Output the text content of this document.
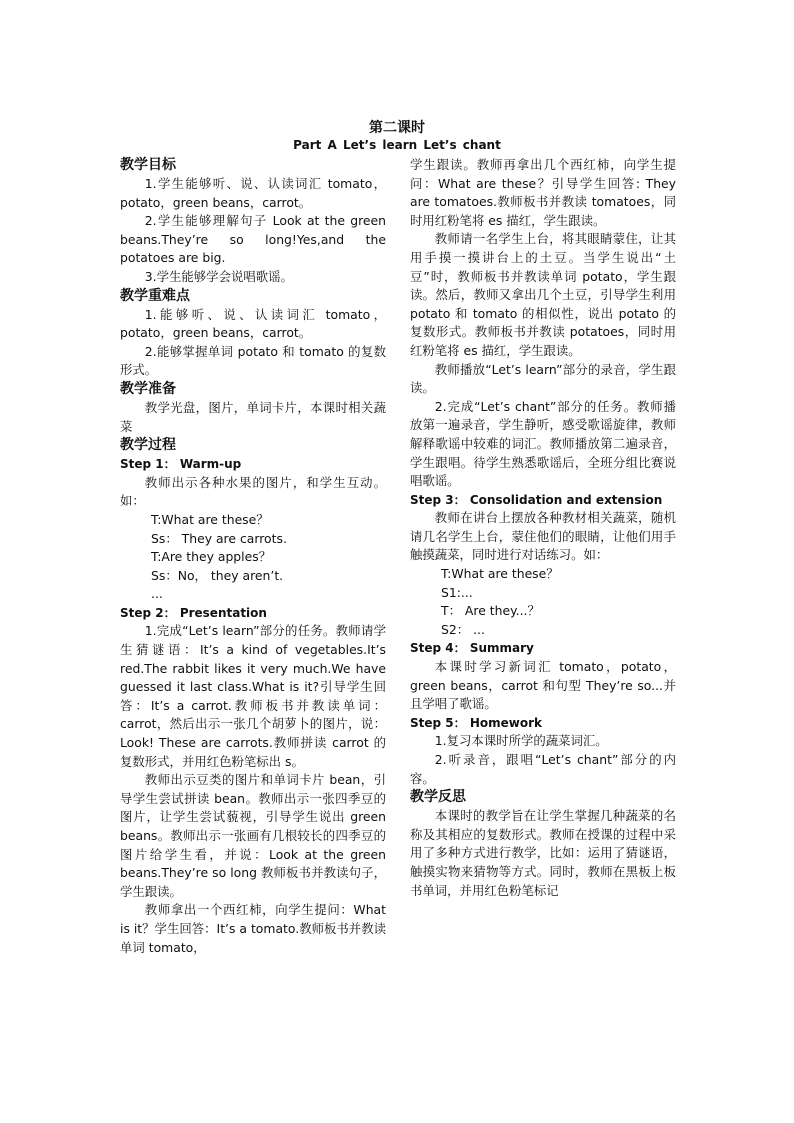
第二课时
Part A Let’s learn Let’s chant

教学目标

1.学生能够听、说、认读词汇 tomato，potato，green beans，carrot。

2.学生能够理解句子 Look at the green beans.They’re so long!Yes,and the potatoes are big.

3.学生能够学会说唱歌谣。

教学重难点

1.能够听、说、认读词汇 tomato，potato，green beans，carrot。

2.能够掌握单词 potato 和 tomato 的复数形式。

教学准备

教学光盘，图片，单词卡片，本课时相关蔬菜

教学过程

Step 1： Warm-up

教师出示各种水果的图片，和学生互动。如：

T:What are these？

Ss： They are carrots.

T:Are they apples？

Ss：No， they aren’t.

...

Step 2： Presentation

1.完成“Let’s learn”部分的任务。教师请学生猜谜语：It’s a kind of vegetables.It’s red.The rabbit likes it very much.We have guessed it last class.What is it?引导学生回答：It’s a carrot.教师板书并教读单词：carrot，然后出示一张几个胡萝卜的图片，说：Look! These are carrots.教师拼读 carrot 的复数形式，并用红色粉笔标出 s。

教师出示豆类的图片和单词卡片 bean，引导学生尝试拼读 bean。教师出示一张四季豆的图片，让学生尝试藐视，引导学生说出 green beans。教师出示一张画有几根较长的四季豆的图片给学生看，并说：Look at the green beans.They’re so long 教师板书并教读句子，学生跟读。

教师拿出一个西红柿，向学生提问：What is it？学生回答：It’s a tomato.教师板书并教读单词 tomato，

学生跟读。教师再拿出几个西红柿，向学生提问：What are these？引导学生回答: They are tomatoes.教师板书并教读 tomatoes，同时用红粉笔将 es 描红，学生跟读。

教师请一名学生上台，将其眼睛蒙住，让其用手摸一摸讲台上的土豆。当学生说出“土豆”时，教师板书并教读单词 potato，学生跟读。然后，教师又拿出几个土豆，引导学生利用 potato 和 tomato 的相似性，说出 potato 的复数形式。教师板书并教读 potatoes，同时用红粉笔将 es 描红，学生跟读。

教师播放“Let’s learn”部分的录音，学生跟读。

2.完成“Let’s chant”部分的任务。教师播放第一遍录音，学生静听，感受歌谣旋律，教师解释歌谣中较难的词汇。教师播放第二遍录音，学生跟唱。待学生熟悉歌谣后，全班分组比赛说唱歌谣。

Step 3： Consolidation and extension

教师在讲台上摆放各种教材相关蔬菜，随机请几名学生上台，蒙住他们的眼睛，让他们用手触摸蔬菜，同时进行对话练习。如：

T:What are these？

S1:...

T： Are they...？

S2： ...

Step 4： Summary

本课时学习新词汇 tomato，potato，green beans，carrot 和句型 They’re so...并且学唱了歌谣。

Step 5： Homework

1.复习本课时所学的蔬菜词汇。

2.听录音，跟唱“Let’s chant”部分的内容。

教学反思

本课时的教学旨在让学生掌握几种蔬菜的名称及其相应的复数形式。教师在授课的过程中采用了多种方式进行教学，比如：运用了猜谜语，触摸实物来猜物等方式。同时，教师在黑板上板书单词，并用红色粉笔标记
